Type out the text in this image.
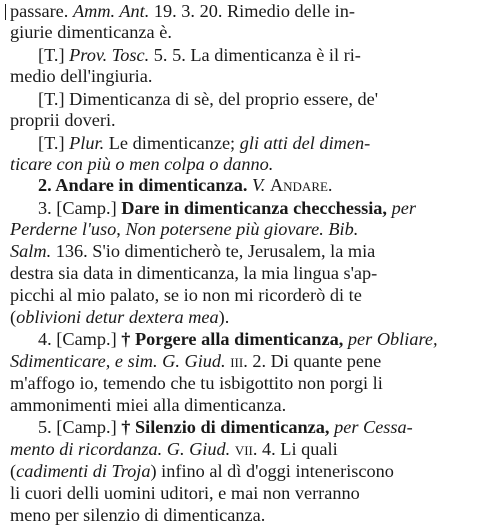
passare. Amm. Ant. 19. 3. 20. Rimedio delle in-
giurie dimenticanza è.
[T.] Prov. Tosc. 5. 5. La dimenticanza è il ri-
medio dell'ingiuria.
[T.] Dimenticanza di sè, del proprio essere, de'
proprii doveri.
[T.] Plur. Le dimenticanze; gli atti del dimen-
ticare con più o men colpa o danno.
2. Andare in dimenticanza. V. Andare.
3. [Camp.] Dare in dimenticanza checchessia, per
Perderne l'uso, Non potersene più giovare. Bib.
Salm. 136. S'io dimenticherò te, Jerusalem, la mia
destra sia data in dimenticanza, la mia lingua s'ap-
picchi al mio palato, se io non mi ricorderò di te
(oblivioni detur dextera mea).
4. [Camp.] † Porgere alla dimenticanza, per Obliare,
Sdimenticare, e sim. G. Giud. iii. 2. Di quante pene
m'affogo io, temendo che tu isbigottito non porgi li
ammonimenti miei alla dimenticanza.
5. [Camp.] † Silenzio di dimenticanza, per Cessa-
mento di ricordanza. G. Giud. vii. 4. Li quali
(cadimenti di Troja) infino al dì d'oggi inteneriscono
li cuori delli uomini uditori, e mai non verranno
meno per silenzio di dimenticanza.
